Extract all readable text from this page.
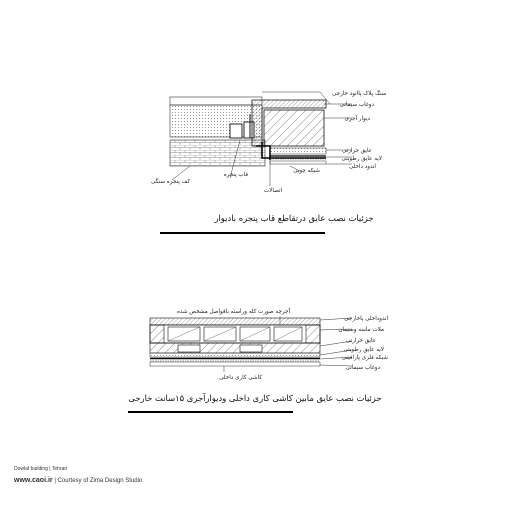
سنگ پلاک پاانود خارجی
دوغاب سیمانی
دیوار آجری
عایق حرارتی
لایه عایق رطوبتی
اندود داخلی
شبکه چوبی
اتصالات
قاب پنجره
کف پنجره سنگی
جزئیات نصب عایق درتقاطع قاب پنجره بادیوار
آجرچه صورت کله وراسته باقواصل مشخص شده
اندوداخلی پاخارجی
ملات ماسه وسیمان
عایق حرارتی
لایه عایق رطوبتی
شبکه فلزی پارافینی
دوغاب سیمانی
کاشی کاری داخلی
جزئیات نصب عایق مابین کاشی کاری داخلی ودیوارآجری ۱۵سانت خارجی
Dowlat building | Tehran
www.caoi.ir | Courtesy of Zima Design Studio
